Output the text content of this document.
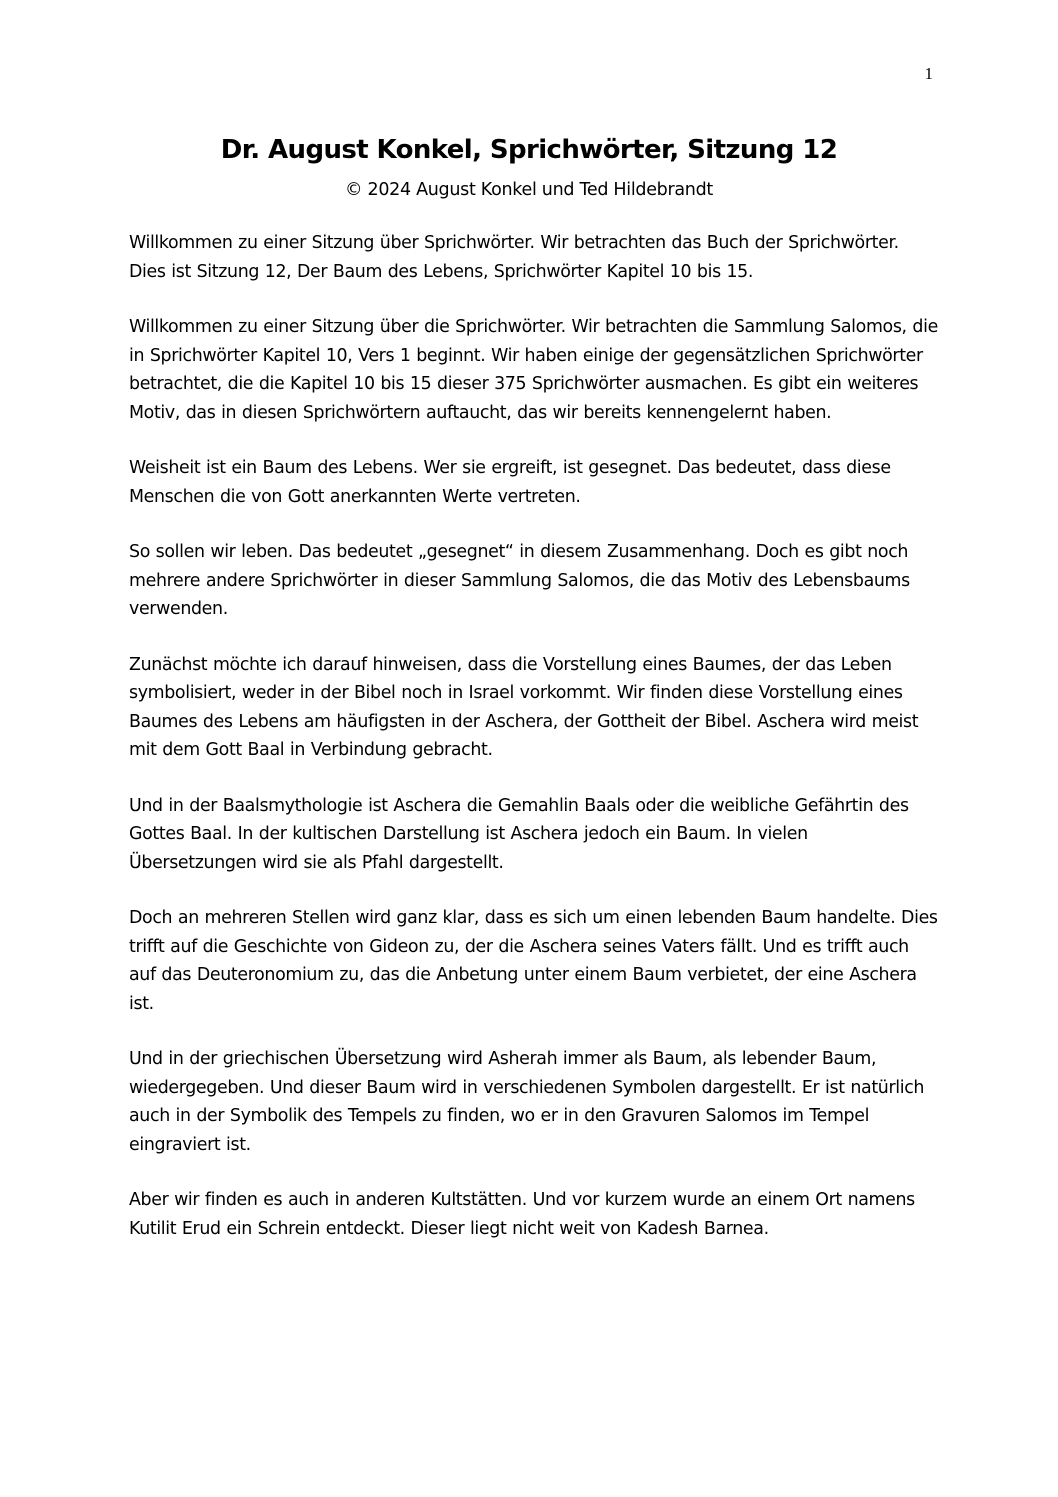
1
Dr. August Konkel, Sprichwörter, Sitzung 12

© 2024 August Konkel und Ted Hildebrandt

Willkommen zu einer Sitzung über Sprichwörter. Wir betrachten das Buch der Sprichwörter. Dies ist Sitzung 12, Der Baum des Lebens, Sprichwörter Kapitel 10 bis 15.

Willkommen zu einer Sitzung über die Sprichwörter. Wir betrachten die Sammlung Salomos, die in Sprichwörter Kapitel 10, Vers 1 beginnt. Wir haben einige der gegensätzlichen Sprichwörter betrachtet, die die Kapitel 10 bis 15 dieser 375 Sprichwörter ausmachen. Es gibt ein weiteres Motiv, das in diesen Sprichwörtern auftaucht, das wir bereits kennengelernt haben.

Weisheit ist ein Baum des Lebens. Wer sie ergreift, ist gesegnet. Das bedeutet, dass diese Menschen die von Gott anerkannten Werte vertreten.

So sollen wir leben. Das bedeutet „gesegnet“ in diesem Zusammenhang. Doch es gibt noch mehrere andere Sprichwörter in dieser Sammlung Salomos, die das Motiv des Lebensbaums verwenden.

Zunächst möchte ich darauf hinweisen, dass die Vorstellung eines Baumes, der das Leben symbolisiert, weder in der Bibel noch in Israel vorkommt. Wir finden diese Vorstellung eines Baumes des Lebens am häufigsten in der Aschera, der Gottheit der Bibel. Aschera wird meist mit dem Gott Baal in Verbindung gebracht.

Und in der Baalsmythologie ist Aschera die Gemahlin Baals oder die weibliche Gefährtin des Gottes Baal. In der kultischen Darstellung ist Aschera jedoch ein Baum. In vielen Übersetzungen wird sie als Pfahl dargestellt.

Doch an mehreren Stellen wird ganz klar, dass es sich um einen lebenden Baum handelte. Dies trifft auf die Geschichte von Gideon zu, der die Aschera seines Vaters fällt. Und es trifft auch auf das Deuteronomium zu, das die Anbetung unter einem Baum verbietet, der eine Aschera ist.

Und in der griechischen Übersetzung wird Asherah immer als Baum, als lebender Baum, wiedergegeben. Und dieser Baum wird in verschiedenen Symbolen dargestellt. Er ist natürlich auch in der Symbolik des Tempels zu finden, wo er in den Gravuren Salomos im Tempel eingraviert ist.

Aber wir finden es auch in anderen Kultstätten. Und vor kurzem wurde an einem Ort namens Kutilit Erud ein Schrein entdeckt. Dieser liegt nicht weit von Kadesh Barnea.
